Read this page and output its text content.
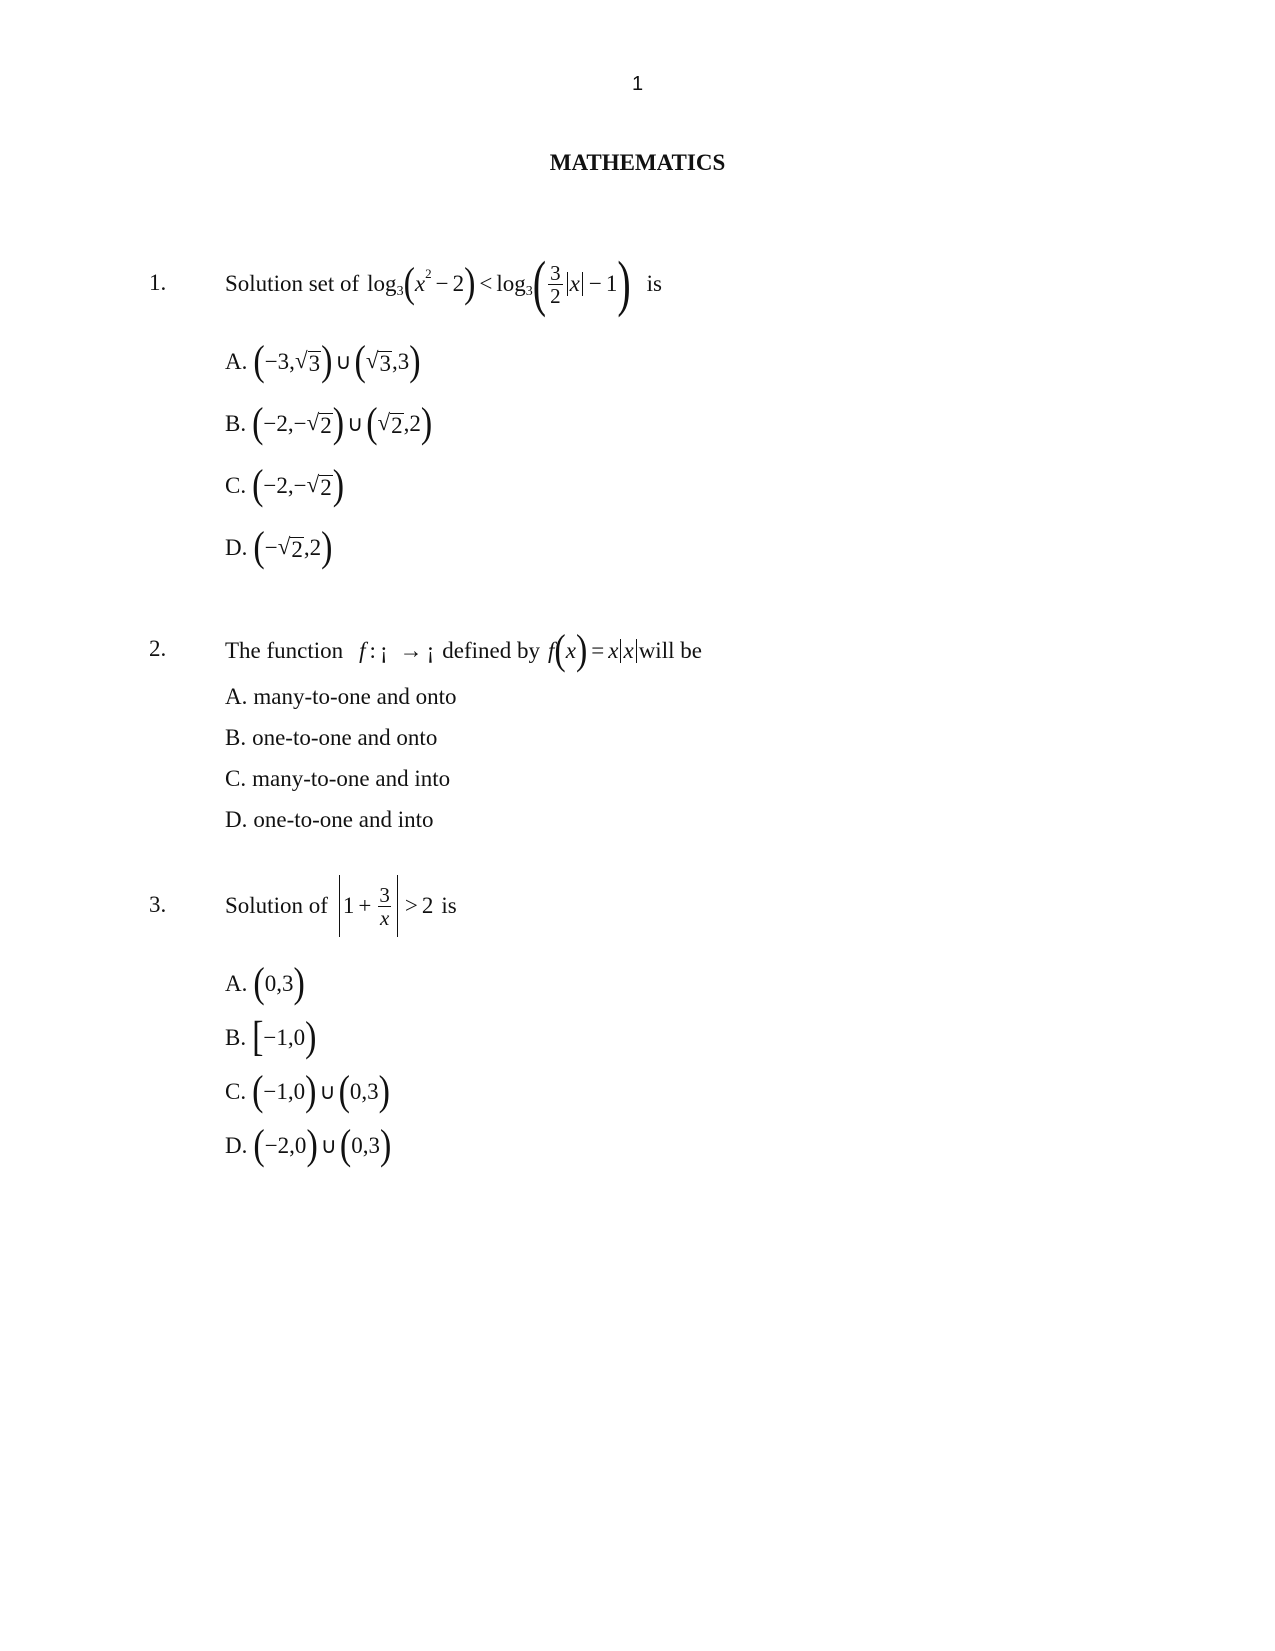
1
MATHEMATICS
1.	Solution set of log 3 ( x 2 − 2 ) < log 3 ( $\frac{3}{2}$ x − 1 ) is
A. ( −3, √ 3 ) ∪ ( √ 3 ,3 )
B. ( −2,− √ 2 ) ∪ ( √ 2 ,2 )
C. ( −2,− √ 2 )
D. ( − √ 2 ,2 )
2.	The function f : ¡ → ¡ defined by f ( x ) = x x will be
A. many-to-one and onto
B. one-to-one and onto
C. many-to-one and into
D. one-to-one and into
3.	Solution of $1 + \frac{3}{x} > 2$ is
A. ( 0,3 )
B. [ −1,0 )
C. ( −1,0 ) ∪ ( 0,3 )
D. ( −2,0 ) ∪ ( 0,3 )
